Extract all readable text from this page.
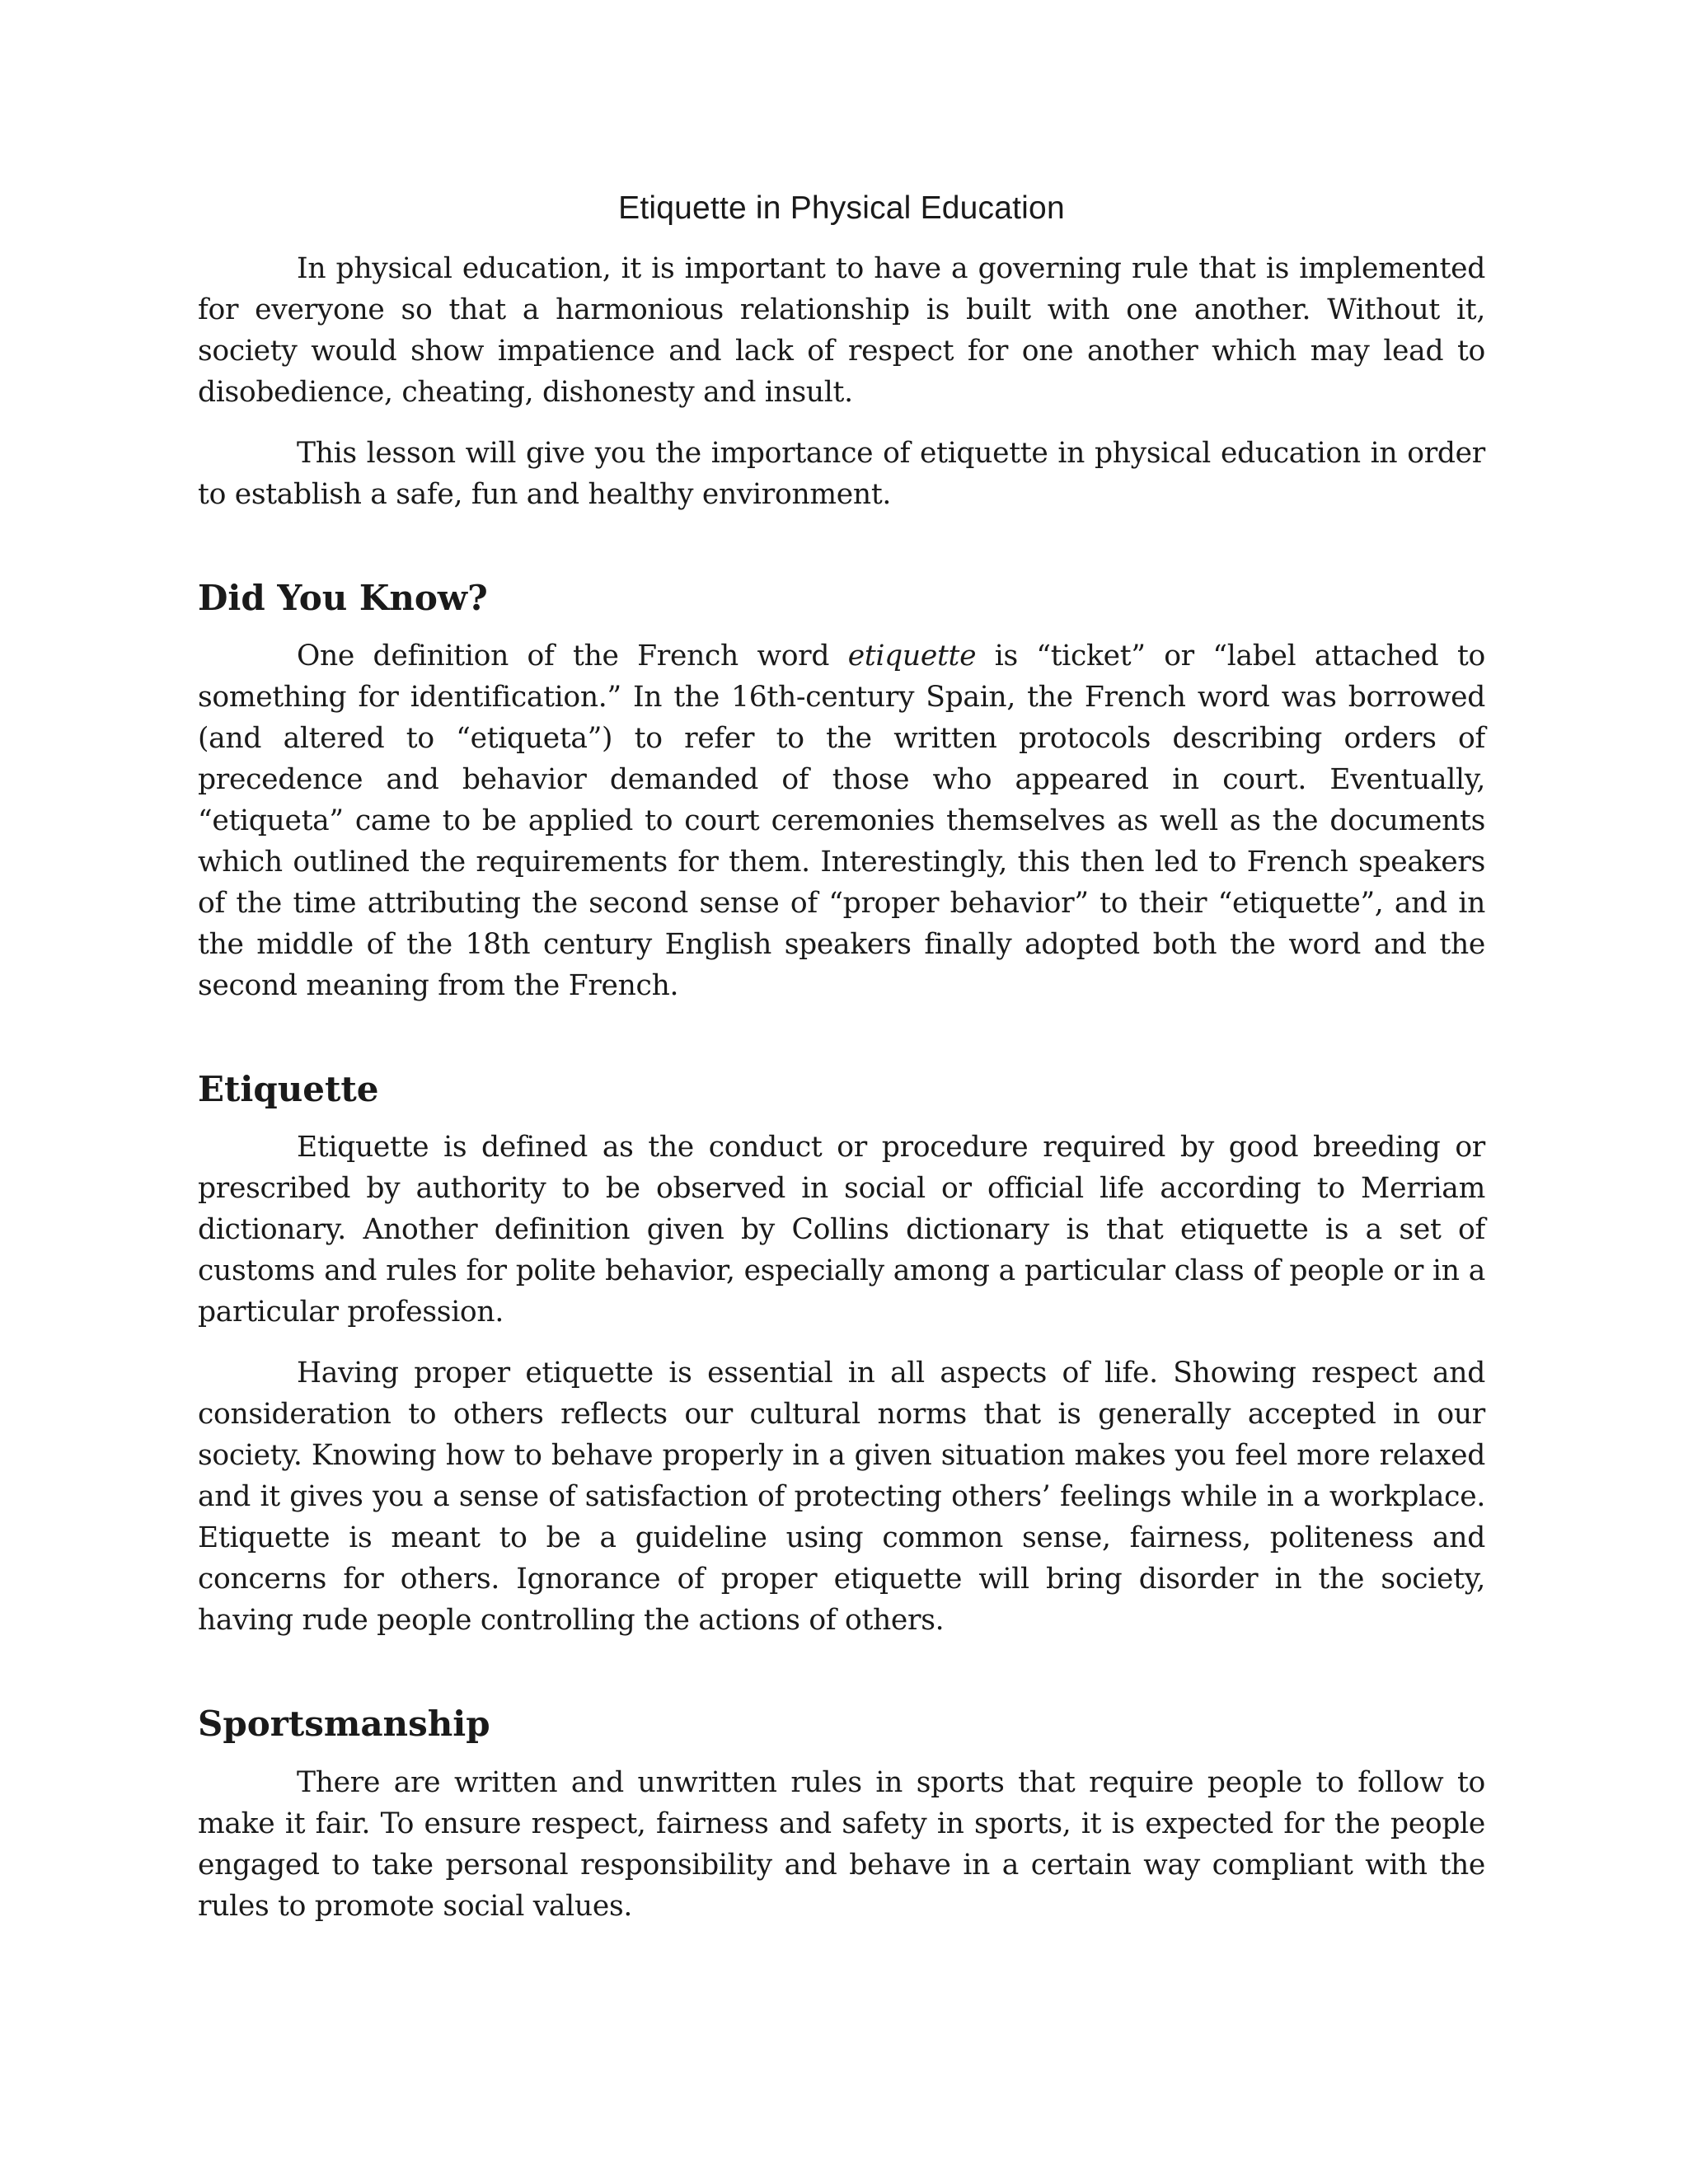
Etiquette in Physical Education

In physical education, it is important to have a governing rule that is implemented for everyone so that a harmonious relationship is built with one another. Without it, society would show impatience and lack of respect for one another which may lead to disobedience, cheating, dishonesty and insult.

This lesson will give you the importance of etiquette in physical education in order to establish a safe, fun and healthy environment.

Did You Know?

One definition of the French word etiquette is “ticket” or “label attached to something for identification.” In the 16th-century Spain, the French word was borrowed (and altered to “etiqueta”) to refer to the written protocols describing orders of precedence and behavior demanded of those who appeared in court. Eventually, “etiqueta” came to be applied to court ceremonies themselves as well as the documents which outlined the requirements for them. Interestingly, this then led to French speakers of the time attributing the second sense of “proper behavior” to their “etiquette”, and in the middle of the 18th century English speakers finally adopted both the word and the second meaning from the French.

Etiquette

Etiquette is defined as the conduct or procedure required by good breeding or prescribed by authority to be observed in social or official life according to Merriam dictionary. Another definition given by Collins dictionary is that etiquette is a set of customs and rules for polite behavior, especially among a particular class of people or in a particular profession.

Having proper etiquette is essential in all aspects of life. Showing respect and consideration to others reflects our cultural norms that is generally accepted in our society. Knowing how to behave properly in a given situation makes you feel more relaxed and it gives you a sense of satisfaction of protecting others’ feelings while in a workplace. Etiquette is meant to be a guideline using common sense, fairness, politeness and concerns for others. Ignorance of proper etiquette will bring disorder in the society, having rude people controlling the actions of others.

Sportsmanship

There are written and unwritten rules in sports that require people to follow to make it fair. To ensure respect, fairness and safety in sports, it is expected for the people engaged to take personal responsibility and behave in a certain way compliant with the rules to promote social values.
